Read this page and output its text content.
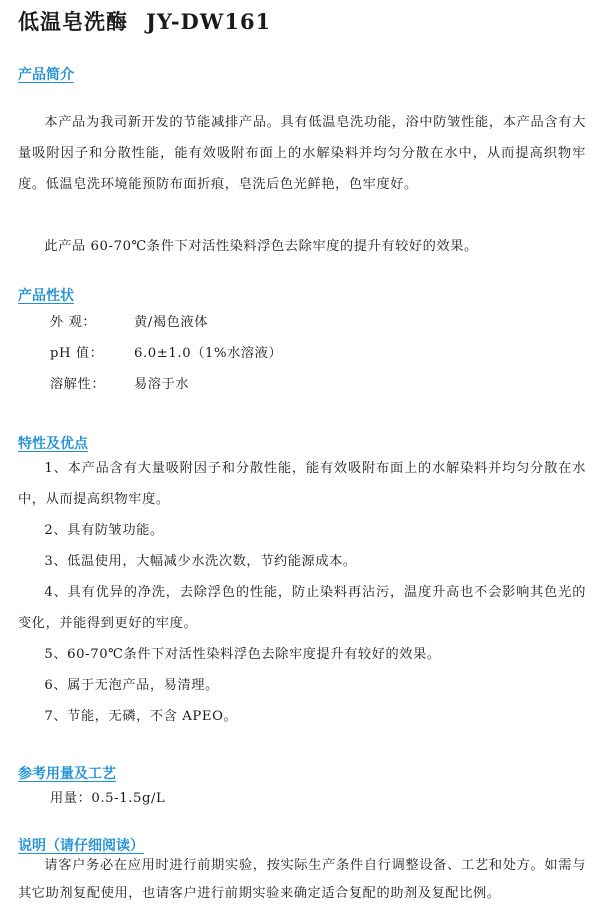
低温皂洗酶 JY-DW161
产品简介
本产品为我司新开发的节能减排产品。具有低温皂洗功能，浴中防皱性能，本产品含有大量吸附因子和分散性能，能有效吸附布面上的水解染料并均匀分散在水中，从而提高织物牢度。低温皂洗环境能预防布面折痕，皂洗后色光鲜艳，色牢度好。
此产品 60-70℃条件下对活性染料浮色去除牢度的提升有较好的效果。
产品性状
外 观：	黄/褐色液体
pH 值： 6.0±1.0（1%水溶液）
溶解性： 易溶于水
特性及优点
1、本产品含有大量吸附因子和分散性能，能有效吸附布面上的水解染料并均匀分散在水中，从而提高织物牢度。
2、具有防皱功能。
3、低温使用，大幅减少水洗次数，节约能源成本。
4、具有优异的净洗，去除浮色的性能，防止染料再沾污，温度升高也不会影响其色光的变化，并能得到更好的牢度。
5、60-70℃条件下对活性染料浮色去除牢度提升有较好的效果。
6、属于无泡产品，易清理。
7、节能，无磷，不含 APEO。
参考用量及工艺
用量：0.5-1.5g/L
说明（请仔细阅读）
请客户务必在应用时进行前期实验，按实际生产条件自行调整设备、工艺和处方。如需与其它助剂复配使用，也请客户进行前期实验来确定适合复配的助剂及复配比例。
